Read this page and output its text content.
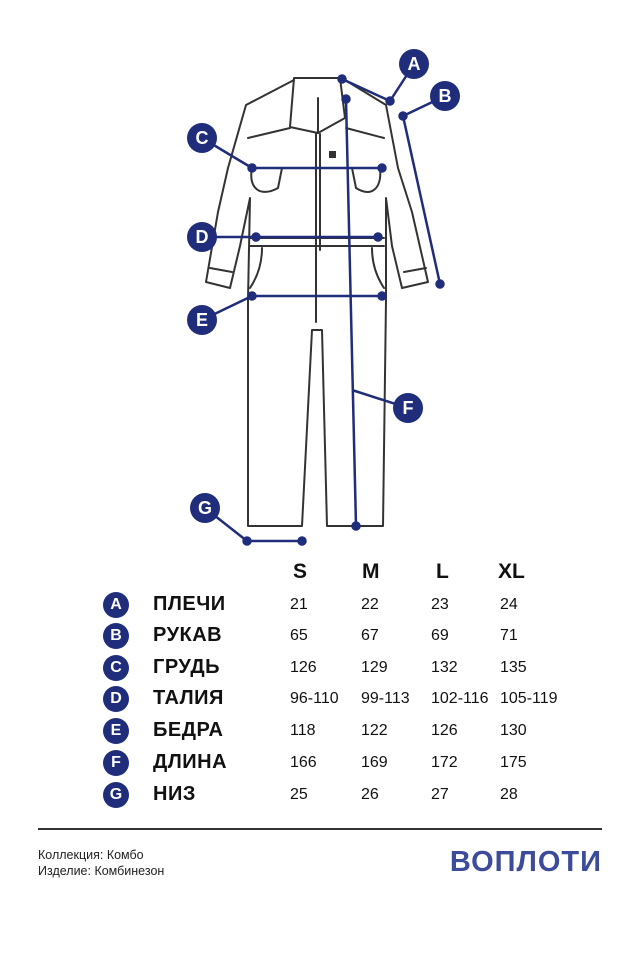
A
B
C
D
E
F
G
S	M	L XL
A	ПЛЕЧИ	21	22	23	24
B	РУКАВ	65	67	69	71
C	ГРУДЬ	126	129	132	135
D	ТАЛИЯ	96-110 99-113 102-116 105-119
E	БЕДРА	118	122	126	130
F	ДЛИНА	166	169	172	175
G	НИЗ	25	26	27	28
Коллекция: Комбо
Изделие: Комбинезон	ВОПЛОТИ
